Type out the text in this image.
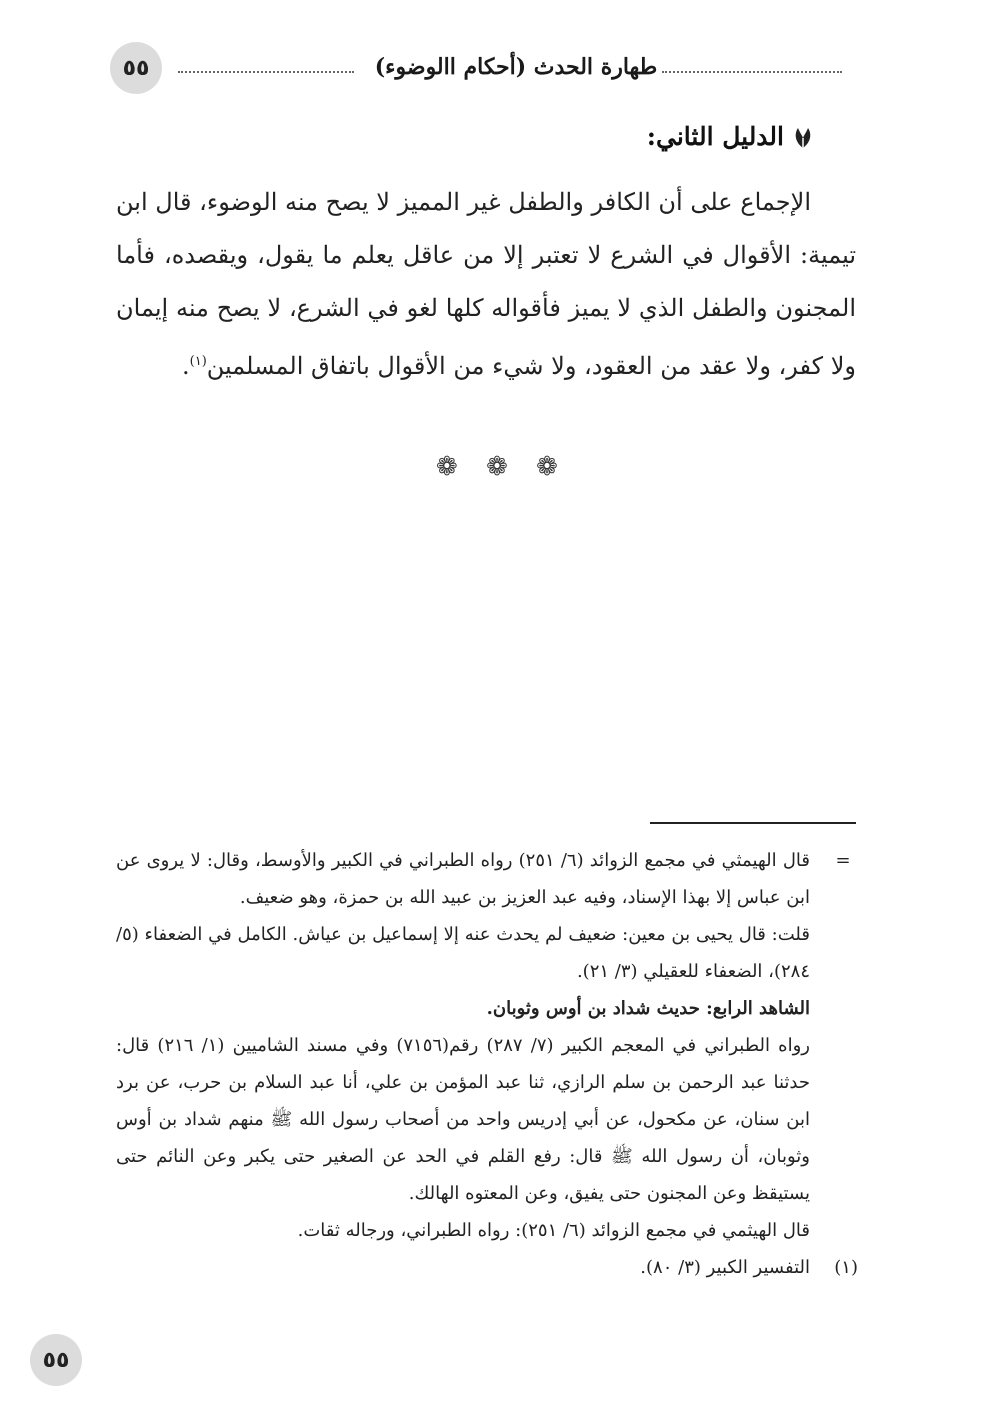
٥٥	طهارة الحدث (أحكام االوضوء)
الدليل الثاني:

الإجماع على أن الكافر والطفل غير المميز لا يصح منه الوضوء، قال ابن تيمية: الأقوال في الشرع لا تعتبر إلا من عاقل يعلم ما يقول، ويقصده، فأما المجنون والطفل الذي لا يميز فأقواله كلها لغو في الشرع، لا يصح منه إيمان ولا كفر، ولا عقد من العقود، ولا شيء من الأقوال باتفاق المسلمين$^{(١)}$.

❁ ❁ ❁
=
قال الهيمثي في مجمع الزوائد (٦/ ٢٥١) رواه الطبراني في الكبير والأوسط، وقال: لا يروى عن ابن عباس إلا بهذا الإسناد، وفيه عبد العزيز بن عبيد الله بن حمزة، وهو ضعيف.
قلت: قال يحيى بن معين: ضعيف لم يحدث عنه إلا إسماعيل بن عياش. الكامل في الضعفاء (٥/ ٢٨٤)، الضعفاء للعقيلي (٣/ ٢١).
الشاهد الرابع: حديث شداد بن أوس وثوبان.
رواه الطبراني في المعجم الكبير (٧/ ٢٨٧) رقم(٧١٥٦) وفي مسند الشاميين (١/ ٢١٦) قال: حدثنا عبد الرحمن بن سلم الرازي، ثنا عبد المؤمن بن علي، أنا عبد السلام بن حرب، عن برد ابن سنان، عن مكحول، عن أبي إدريس واحد من أصحاب رسول الله ﷺ منهم شداد بن أوس وثوبان، أن رسول الله ﷺ قال: رفع القلم في الحد عن الصغير حتى يكبر وعن النائم حتى يستيقظ وعن المجنون حتى يفيق، وعن المعتوه الهالك.
قال الهيثمي في مجمع الزوائد (٦/ ٢٥١): رواه الطبراني، ورجاله ثقات.
(١)
التفسير الكبير (٣/ ٨٠).
٥٥
